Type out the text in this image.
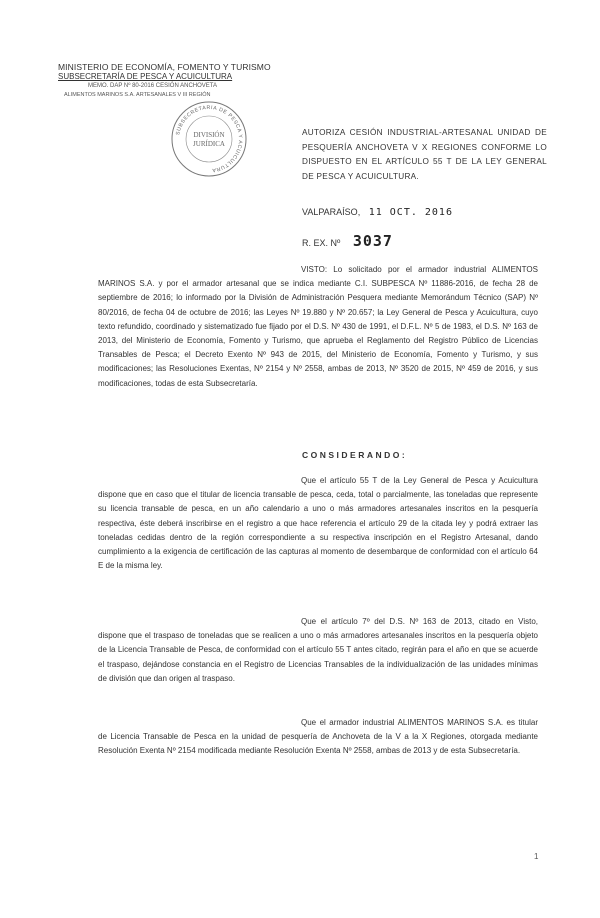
MINISTERIO DE ECONOMÍA, FOMENTO Y TURISMO
SUBSECRETARÍA DE PESCA Y ACUICULTURA
MEMO. DAP Nº 80-2016 CESIÓN ANCHOVETA
ALIMENTOS MARINOS S.A. ARTESANALES V III REGIÓN
SUBSECRETARIA DE PESCA Y ACUICULTURA
DIVISIÓN
JURÍDICA
AUTORIZA CESIÓN INDUSTRIAL-ARTESANAL UNIDAD DE PESQUERÍA ANCHOVETA V X REGIONES CONFORME LO DISPUESTO EN EL ARTÍCULO 55 T DE LA LEY GENERAL DE PESCA Y ACUICULTURA.
VALPARAÍSO, 11 OCT. 2016
R. EX. Nº 3037
VISTO: Lo solicitado por el armador industrial ALIMENTOS MARINOS S.A. y por el armador artesanal que se indica mediante C.I. SUBPESCA Nº 11886-2016, de fecha 28 de septiembre de 2016; lo informado por la División de Administración Pesquera mediante Memorándum Técnico (SAP) Nº 80/2016, de fecha 04 de octubre de 2016; las Leyes Nº 19.880 y Nº 20.657; la Ley General de Pesca y Acuicultura, cuyo texto refundido, coordinado y sistematizado fue fijado por el D.S. Nº 430 de 1991, el D.F.L. Nº 5 de 1983, el D.S. Nº 163 de 2013, del Ministerio de Economía, Fomento y Turismo, que aprueba el Reglamento del Registro Público de Licencias Transables de Pesca; el Decreto Exento Nº 943 de 2015, del Ministerio de Economía, Fomento y Turismo, y sus modificaciones; las Resoluciones Exentas, Nº 2154 y Nº 2558, ambas de 2013, Nº 3520 de 2015, Nº 459 de 2016, y sus modificaciones, todas de esta Subsecretaría.
CONSIDERANDO:
Que el artículo 55 T de la Ley General de Pesca y Acuicultura dispone que en caso que el titular de licencia transable de pesca, ceda, total o parcialmente, las toneladas que represente su licencia transable de pesca, en un año calendario a uno o más armadores artesanales inscritos en la pesquería respectiva, éste deberá inscribirse en el registro a que hace referencia el artículo 29 de la citada ley y podrá extraer las toneladas cedidas dentro de la región correspondiente a su respectiva inscripción en el Registro Artesanal, dando cumplimiento a la exigencia de certificación de las capturas al momento de desembarque de conformidad con el artículo 64 E de la misma ley.
Que el artículo 7º del D.S. Nº 163 de 2013, citado en Visto, dispone que el traspaso de toneladas que se realicen a uno o más armadores artesanales inscritos en la pesquería objeto de la Licencia Transable de Pesca, de conformidad con el artículo 55 T antes citado, regirán para el año en que se acuerde el traspaso, dejándose constancia en el Registro de Licencias Transables de la individualización de las unidades mínimas de división que dan origen al traspaso.
Que el armador industrial ALIMENTOS MARINOS S.A. es titular de Licencia Transable de Pesca en la unidad de pesquería de Anchoveta de la V a la X Regiones, otorgada mediante Resolución Exenta Nº 2154 modificada mediante Resolución Exenta Nº 2558, ambas de 2013 y de esta Subsecretaría.
1
